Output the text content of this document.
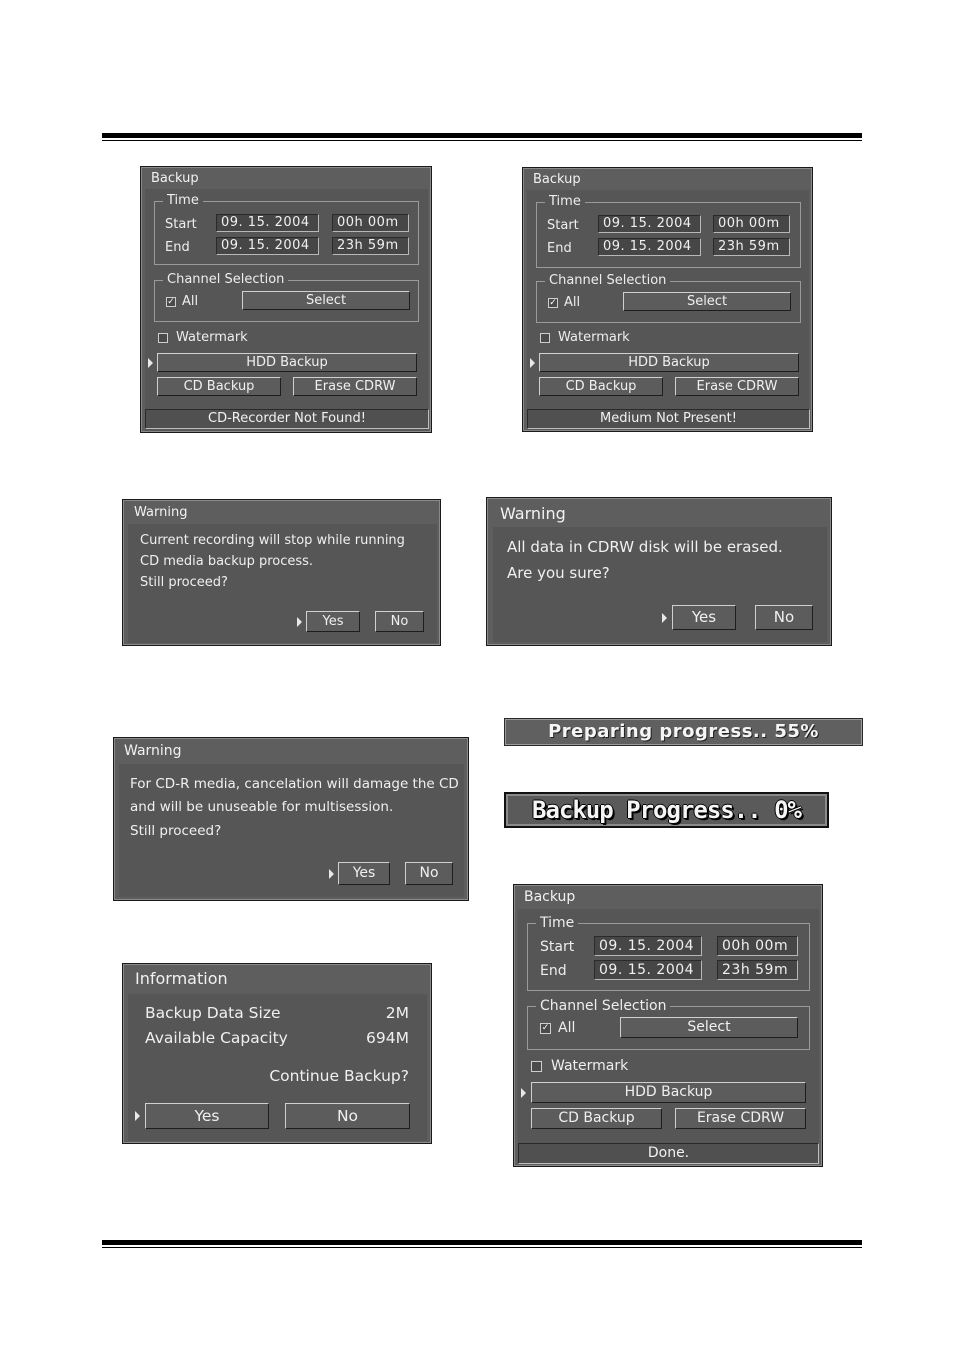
Backup
Time
Start	09. 15. 2004	00h 00m
End	09. 15. 2004	23h 59m
Channel Selection
✓ All	Select
Watermark
HDD Backup
CD Backup	Erase CDRW
CD-Recorder Not Found!
Backup
Time
Start	09. 15. 2004	00h 00m
End	09. 15. 2004	23h 59m
Channel Selection
✓ All	Select
Watermark
HDD Backup
CD Backup	Erase CDRW
Medium Not Present!
Warning
Current recording will stop while running
CD media backup process.
Still proceed?
Yes	No
Warning
All data in CDRW disk will be erased.
Are you sure?
Yes	No
Preparing progress.. 55%
Backup Progress.. 0%
Warning
For CD-R media, cancelation will damage the CD
and will be unuseable for multisession.
Still proceed?
Yes	No
Information
Backup Data Size	2M
Available Capacity	694M
Continue Backup?
Yes	No
Backup
Time
Start	09. 15. 2004	00h 00m
End	09. 15. 2004	23h 59m
Channel Selection
✓ All	Select
Watermark
HDD Backup
CD Backup	Erase CDRW
Done.
